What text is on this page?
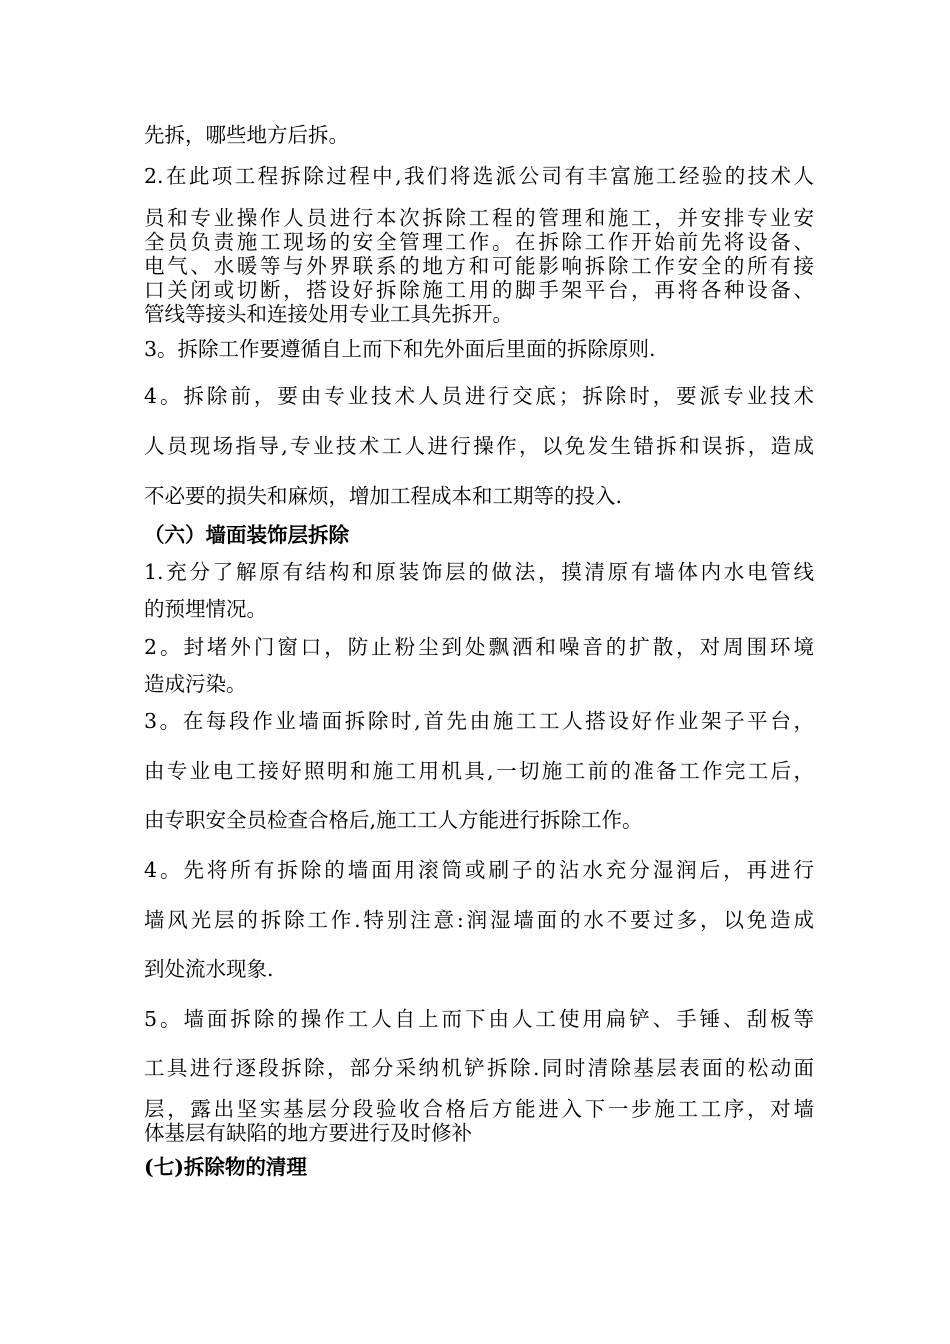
先拆，哪些地方后拆。
2.在此项工程拆除过程中,我们将选派公司有丰富施工经验的技术人
员和专业操作人员进行本次拆除工程的管理和施工，并安排专业安
全员负责施工现场的安全管理工作。在拆除工作开始前先将设备、
电气、水暖等与外界联系的地方和可能影响拆除工作安全的所有接
口关闭或切断，搭设好拆除施工用的脚手架平台，再将各种设备、
管线等接头和连接处用专业工具先拆开。
3。拆除工作要遵循自上而下和先外面后里面的拆除原则.
4。拆除前，要由专业技术人员进行交底；拆除时，要派专业技术
人员现场指导,专业技术工人进行操作，以免发生错拆和误拆，造成
不必要的损失和麻烦，增加工程成本和工期等的投入.
（六）墙面装饰层拆除
1.充分了解原有结构和原装饰层的做法，摸清原有墙体内水电管线
的预埋情况。
2。封堵外门窗口，防止粉尘到处飘洒和噪音的扩散，对周围环境
造成污染。
3。在每段作业墙面拆除时,首先由施工工人搭设好作业架子平台，
由专业电工接好照明和施工用机具,一切施工前的准备工作完工后，
由专职安全员检查合格后,施工工人方能进行拆除工作。
4。先将所有拆除的墙面用滚筒或刷子的沾水充分湿润后，再进行
墙风光层的拆除工作.特别注意:润湿墙面的水不要过多，以免造成
到处流水现象.
5。墙面拆除的操作工人自上而下由人工使用扁铲、手锤、刮板等
工具进行逐段拆除，部分采纳机铲拆除.同时清除基层表面的松动面
层，露出坚实基层分段验收合格后方能进入下一步施工工序，对墙
体基层有缺陷的地方要进行及时修补
(七)拆除物的清理
